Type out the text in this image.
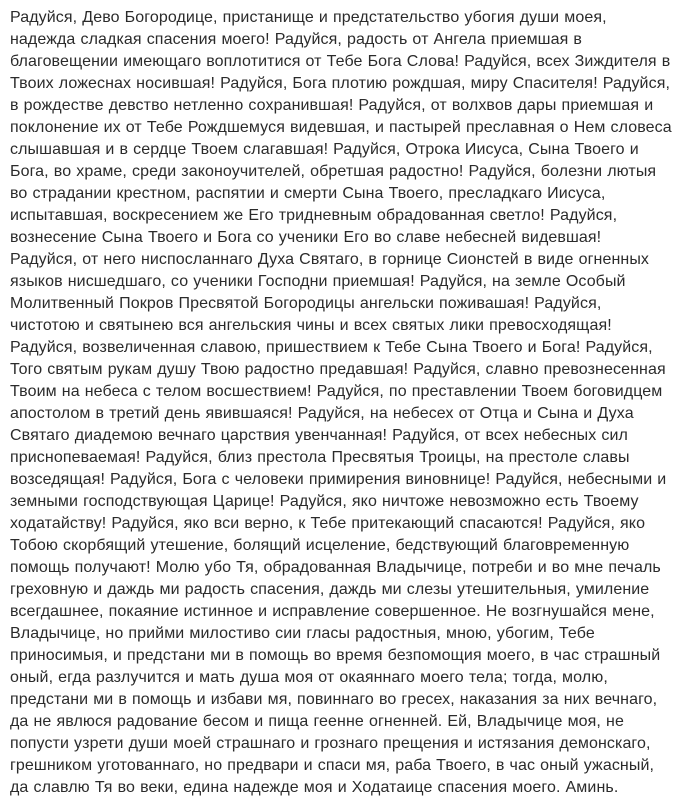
Радуйся, Дево Богородице, пристанище и предстательство убогия души моея, надежда сладкая спасения моего! Радуйся, радость от Ангела приемшая в благовещении имеющаго воплотитися от Тебе Бога Слова! Радуйся, всех Зиждителя в Твоих ложеснах носившая! Радуйся, Бога плотию рождшая, миру Спасителя! Радуйся, в рождестве девство нетленно сохранившая! Радуйся, от волхвов дары приемшая и поклонение их от Тебе Рождшемуся видевшая, и пастырей преславная о Нем словеса слышавшая и в сердце Твоем слагавшая! Радуйся, Отрока Иисуса, Сына Твоего и Бога, во храме, среди законоучителей, обретшая радостно! Радуйся, болезни лютыя во страдании крестном, распятии и смерти Сына Твоего, пресладкаго Иисуса, испытавшая, воскресением же Его тридневным обрадованная светло! Радуйся, вознесение Сына Твоего и Бога со ученики Его во славе небесней видевшая! Радуйся, от него ниспосланнаго Духа Святаго, в горнице Сионстей в виде огненных языков нисшедшаго, со ученики Господни приемшая! Радуйся, на земле Особый Молитвенный Покров Пресвятой Богородицы ангельски поживашая! Радуйся, чистотою и святынею вся ангельския чины и всех святых лики превосходящая! Радуйся, возвеличенная славою, пришествием к Тебе Сына Твоего и Бога! Радуйся, Того святым рукам душу Твою радостно предавшая! Радуйся, славно превознесенная Твоим на небеса с телом восшествием! Радуйся, по преставлении Твоем боговидцем апостолом в третий день явившаяся! Радуйся, на небесех от Отца и Сына и Духа Святаго диадемою вечнаго царствия увенчанная! Радуйся, от всех небесных сил приснопеваемая! Радуйся, близ престола Пресвятыя Троицы, на престоле славы возседящая! Радуйся, Бога с человеки примирения виновнице! Радуйся, небесными и земными господствующая Царице! Радуйся, яко ничтоже невозможно есть Твоему ходатайству! Радуйся, яко вси верно, к Тебе притекающий спасаются! Радуйся, яко Тобою скорбящий утешение, болящий исцеление, бедствующий благовременную помощь получают! Молю убо Тя, обрадованная Владычице, потреби и во мне печаль греховную и даждь ми радость спасения, даждь ми слезы утешительныя, умиление всегдашнее, покаяние истинное и исправление совершенное. Не возгнушайся мене, Владычице, но прийми милостиво сии гласы радостныя, мною, убогим, Тебе приносимыя, и предстани ми в помощь во время безпомощия моего, в час страшный оный, егда разлучится и мать душа моя от окаяннаго моего тела; тогда, молю, предстани ми в помощь и избави мя, повиннаго во гресех, наказания за них вечнаго, да не явлюся радование бесом и пища геенне огненней. Ей, Владычице моя, не попусти узрети души моей страшнаго и грознаго прещения и истязания демонскаго, грешником уготованнаго, но предвари и спаси мя, раба Твоего, в час оный ужасный, да славлю Тя во веки, едина надежде моя и Ходатаице спасения моего. Аминь.
